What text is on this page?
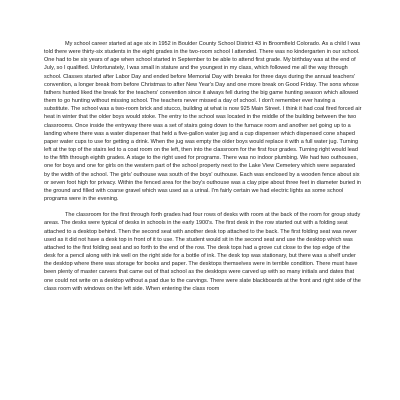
My school career started at age six in 1952 in Boulder County School District 43 in Broomfield Colorado. As a child I was told there were thirty-six students in the eight grades in the two-room school I attended. There was no kindergarten in our school. One had to be six years of age when school started in September to be able to attend first grade. My birthday was at the end of July, so I qualified. Unfortunately, I was small in stature and the youngest in my class, which followed me all the way through school. Classes started after Labor Day and ended before Memorial Day with breaks for three days during the annual teachers' convention, a longer break from before Christmas to after New Year's Day and one more break on Good Friday. The sons whose fathers hunted liked the break for the teachers' convention since it always fell during the big game hunting season which allowed them to go hunting without missing school. The teachers never missed a day of school. I don't remember ever having a substitute. The school was a two-room brick and stucco, building at what is now 925 Main Street. I think it had coal fired forced air heat in winter that the older boys would stoke. The entry to the school was located in the middle of the building between the two classrooms. Once inside the entryway there was a set of stairs going down to the furnace room and another set going up to a landing where there was a water dispenser that held a five-gallon water jug and a cup dispenser which dispensed cone shaped paper water cups to use for getting a drink. When the jug was empty the older boys would replace it with a full water jug. Turning left at the top of the stairs led to a coat room on the left, then into the classroom for the first four grades. Turning right would lead to the fifth through eighth grades. A stage to the right used for programs. There was no indoor plumbing. We had two outhouses, one for boys and one for girls on the western part of the school property next to the Lake View Cemetery which were separated by the width of the school. The girls' outhouse was south of the boys' outhouse. Each was enclosed by a wooden fence about six or seven foot high for privacy. Within the fenced area for the boy's outhouse was a clay pipe about three feet in diameter buried in the ground and filled with coarse gravel which was used as a urinal. I'm fairly certain we had electric lights as some school programs were in the evening.

The classroom for the first through forth grades had four rows of desks with room at the back of the room for group study areas. The desks were typical of desks in schools in the early 1900's. The first desk in the row started out with a folding seat attached to a desktop behind. Then the second seat with another desk top attached to the back. The first folding seat was never used as it did not have a desk top in front of it to use. The student would sit in the second seat and use the desktop which was attached to the first folding seat and so forth to the end of the row. The desk tops had a grove cut close to the top edge of the desk for a pencil along with ink well on the right side for a bottle of ink. The desk top was stationary, but there was a shelf under the desktop where there was storage for books and paper. The desktops themselves were in terrible condition. There must have been plenty of master carvers that came out of that school as the desktops were carved up with so many initials and dates that one could not write on a desktop without a pad due to the carvings. There were slate blackboards at the front and right side of the class room with windows on the left side. When entering the class room
